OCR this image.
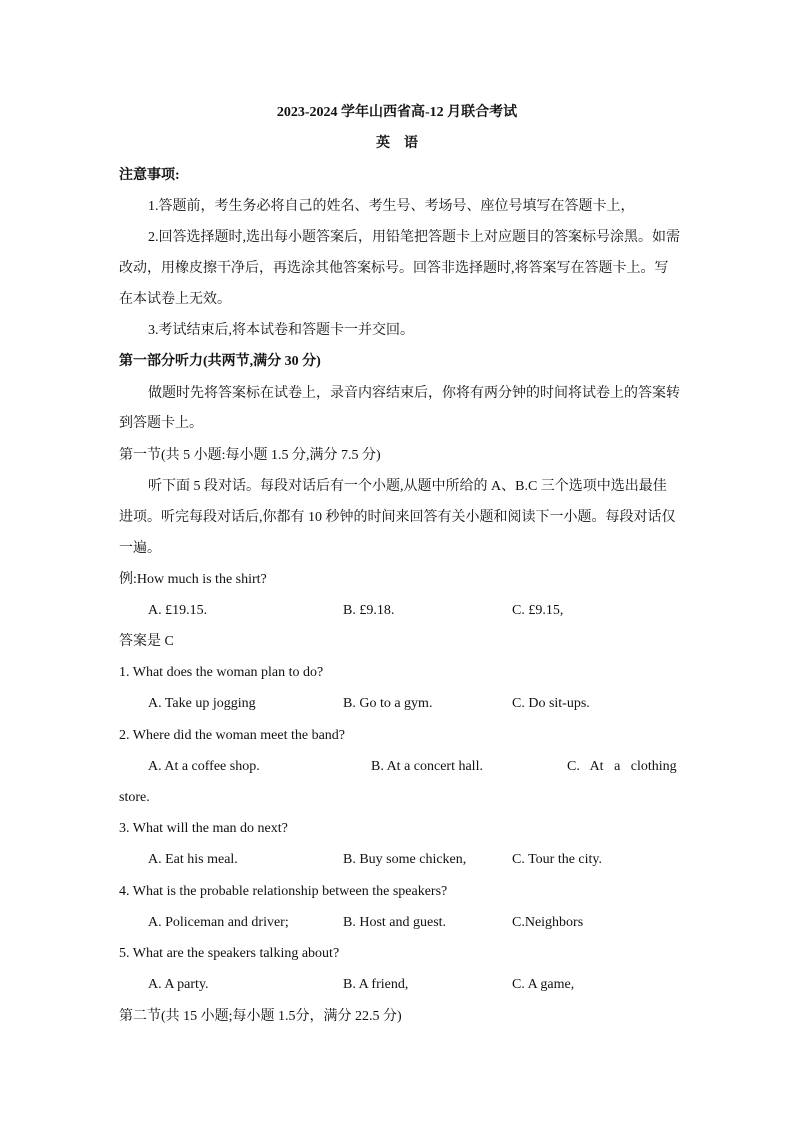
2023-2024 学年山西省高-12 月联合考试
英　语
注意事项:
1.答题前，考生务必将自己的姓名、考生号、考场号、座位号填写在答题卡上，
2.回答选择题时,选出每小题答案后，用铅笔把答题卡上对应题目的答案标号涂黑。如需
改动，用橡皮擦干净后，再选涂其他答案标号。回答非选择题时,将答案写在答题卡上。写
在本试卷上无效。
3.考试结束后,将本试卷和答题卡一并交回。
第一部分听力(共两节,满分 30 分)
做题时先将答案标在试卷上，录音内容结束后，你将有两分钟的时间将试卷上的答案转
到答题卡上。
第一节(共 5 小题:每小题 1.5 分,满分 7.5 分)
听下面 5 段对话。每段对话后有一个小题,从题中所给的 A、B.C 三个选项中选出最佳
进项。听完每段对话后,你都有 10 秒钟的时间来回答有关小题和阅读下一小题。每段对话仅
一遍。
例:How much is the shirt?
A. £19.15.	B. £9.18.	C. £9.15,
答案是 C
1. What does the woman plan to do?
A. Take up jogging	B. Go to a gym.	C. Do sit-ups.
2. Where did the woman meet the band?
A. At a coffee shop.	B. At a concert hall.	C.   At   a   clothing
store.
3. What will the man do next?
A. Eat his meal.	B. Buy some chicken,	C. Tour the city.
4. What is the probable relationship between the speakers?
A. Policeman and driver;	B. Host and guest.	C.Neighbors
5. What are the speakers talking about?
A. A party.	B. A friend,	C. A game,
第二节(共 15 小题;每小题 1.5分，满分 22.5 分)
